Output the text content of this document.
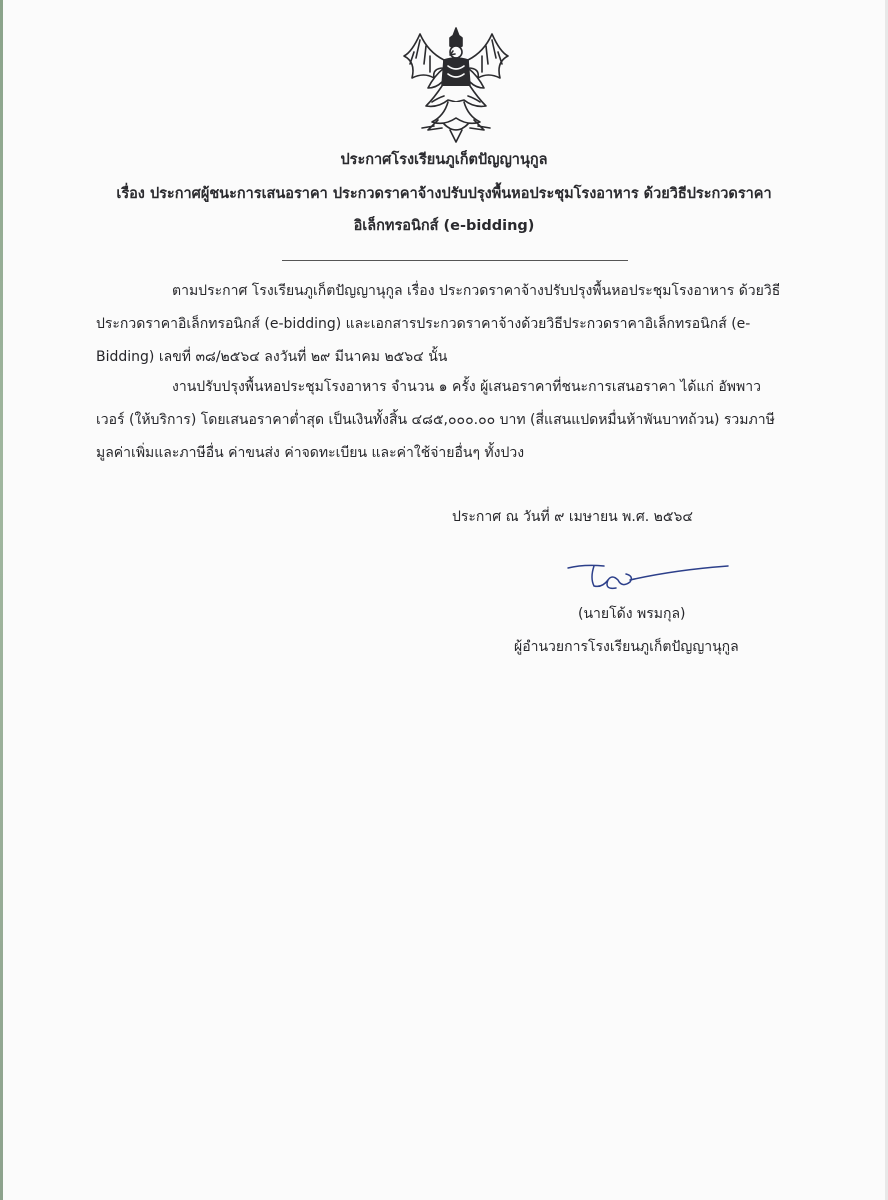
ประกาศโรงเรียนภูเก็ตปัญญานุกูล
เรื่อง ประกาศผู้ชนะการเสนอราคา ประกวดราคาจ้างปรับปรุงพื้นหอประชุมโรงอาหาร ด้วยวิธีประกวดราคา
อิเล็กทรอนิกส์ (e-bidding)
ตามประกาศ โรงเรียนภูเก็ตปัญญานุกูล เรื่อง ประกวดราคาจ้างปรับปรุงพื้นหอประชุมโรงอาหาร ด้วยวิธี
ประกวดราคาอิเล็กทรอนิกส์ (e-bidding) และเอกสารประกวดราคาจ้างด้วยวิธีประกวดราคาอิเล็กทรอนิกส์ (e-
Bidding) เลขที่ ๓๘/๒๕๖๔ ลงวันที่ ๒๙ มีนาคม ๒๕๖๔ นั้น
งานปรับปรุงพื้นหอประชุมโรงอาหาร จำนวน ๑ ครั้ง ผู้เสนอราคาที่ชนะการเสนอราคา ได้แก่ อัพพาว
เวอร์ (ให้บริการ) โดยเสนอราคาต่ำสุด เป็นเงินทั้งสิ้น ๔๘๕,๐๐๐.๐๐ บาท (สี่แสนแปดหมื่นห้าพันบาทถ้วน) รวมภาษี
มูลค่าเพิ่มและภาษีอื่น ค่าขนส่ง ค่าจดทะเบียน และค่าใช้จ่ายอื่นๆ ทั้งปวง
ประกาศ ณ วันที่ ๙ เมษายน พ.ศ. ๒๕๖๔
(นายโด้ง พรมกุล)
ผู้อำนวยการโรงเรียนภูเก็ตปัญญานุกูล
